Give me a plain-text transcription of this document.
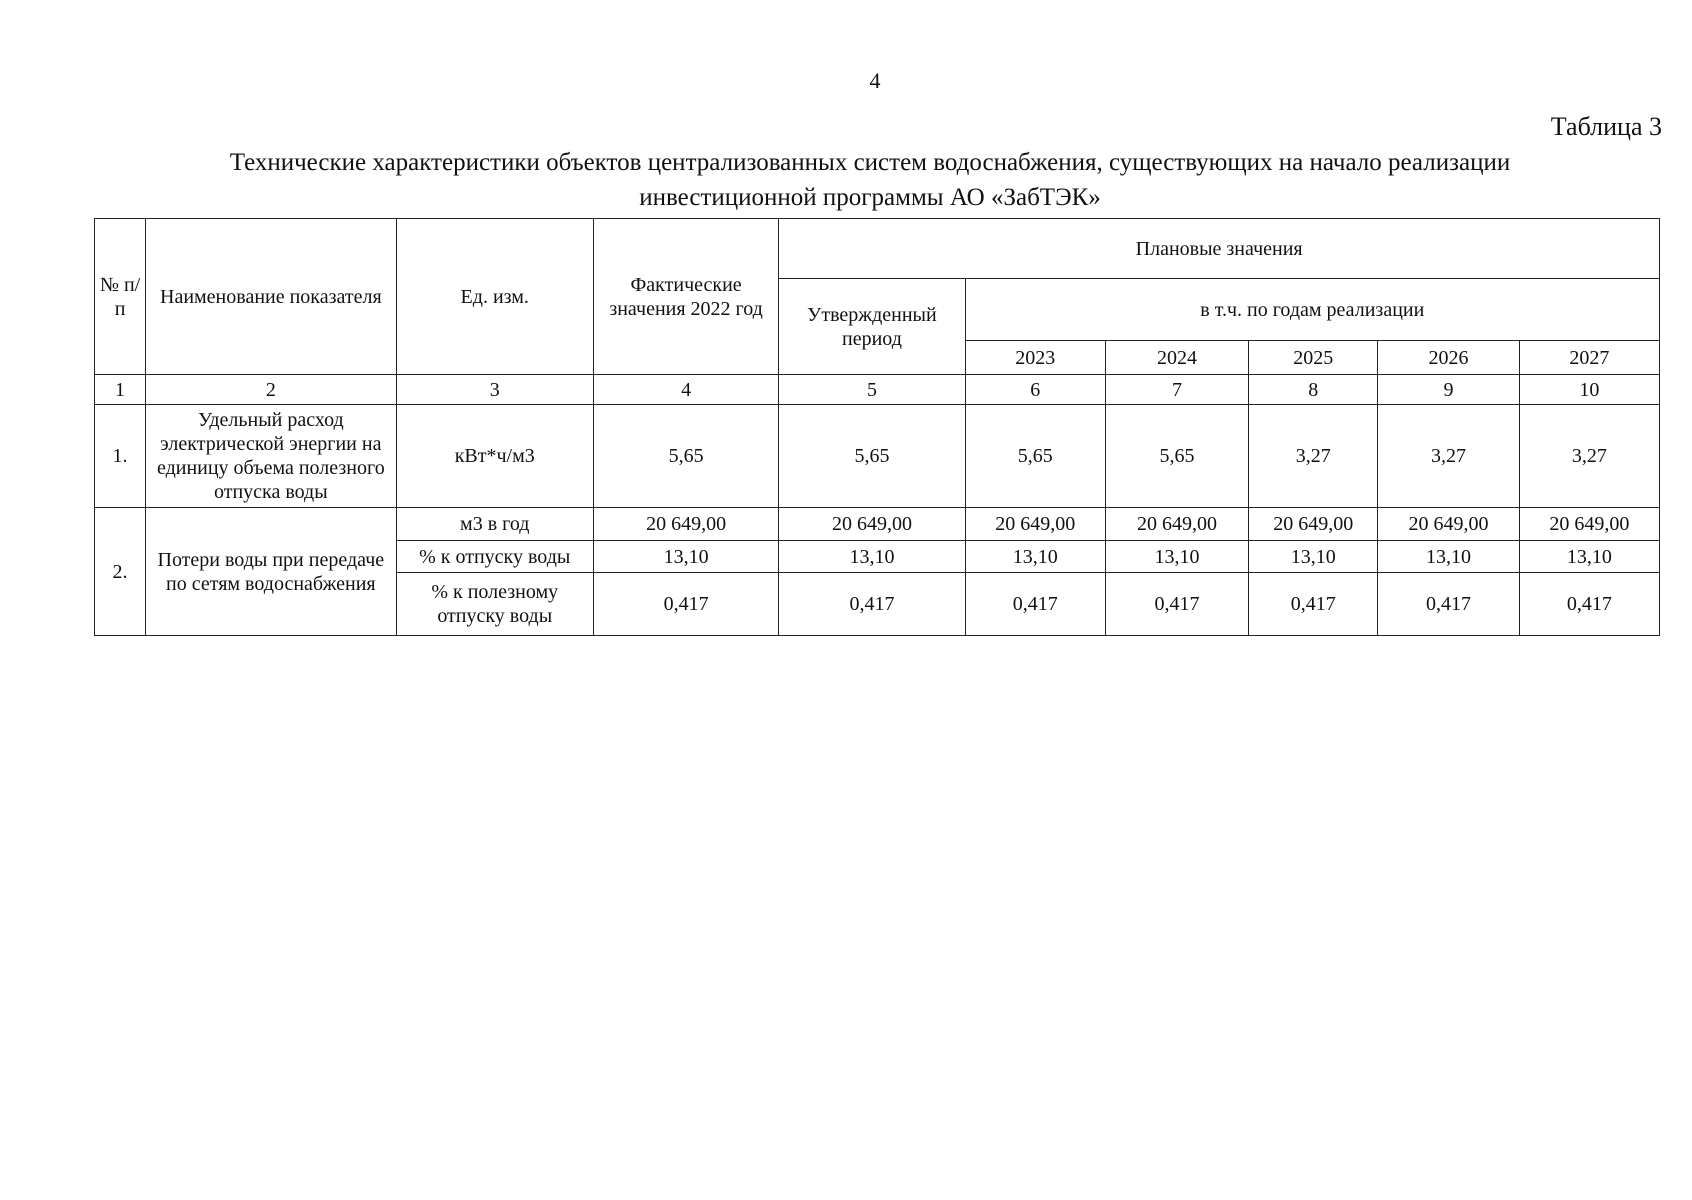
4
Таблица 3
Технические характеристики объектов централизованных систем водоснабжения, существующих на начало реализации инвестиционной программы АО «ЗабТЭК»
№ п/п	Наименование показателя	Ед. изм.	Фактические значения 2022 год	Плановые значения					
				Утвержденный период	в т.ч. по годам реализации				
					2023	2024	2025	2026	2027
1	2	3	4	5	6	7	8	9	10
1.	Удельный расход электрической энергии на единицу объема полезного отпуска воды	кВт*ч/м3	5,65	5,65	5,65	5,65	3,27	3,27	3,27
2.	Потери воды при передаче по сетям водоснабжения	м3 в год	20 649,00	20 649,00	20 649,00	20 649,00	20 649,00	20 649,00	20 649,00
		% к отпуску воды	13,10	13,10	13,10	13,10	13,10	13,10	13,10
		% к полезному отпуску воды	0,417	0,417	0,417	0,417	0,417	0,417	0,417
